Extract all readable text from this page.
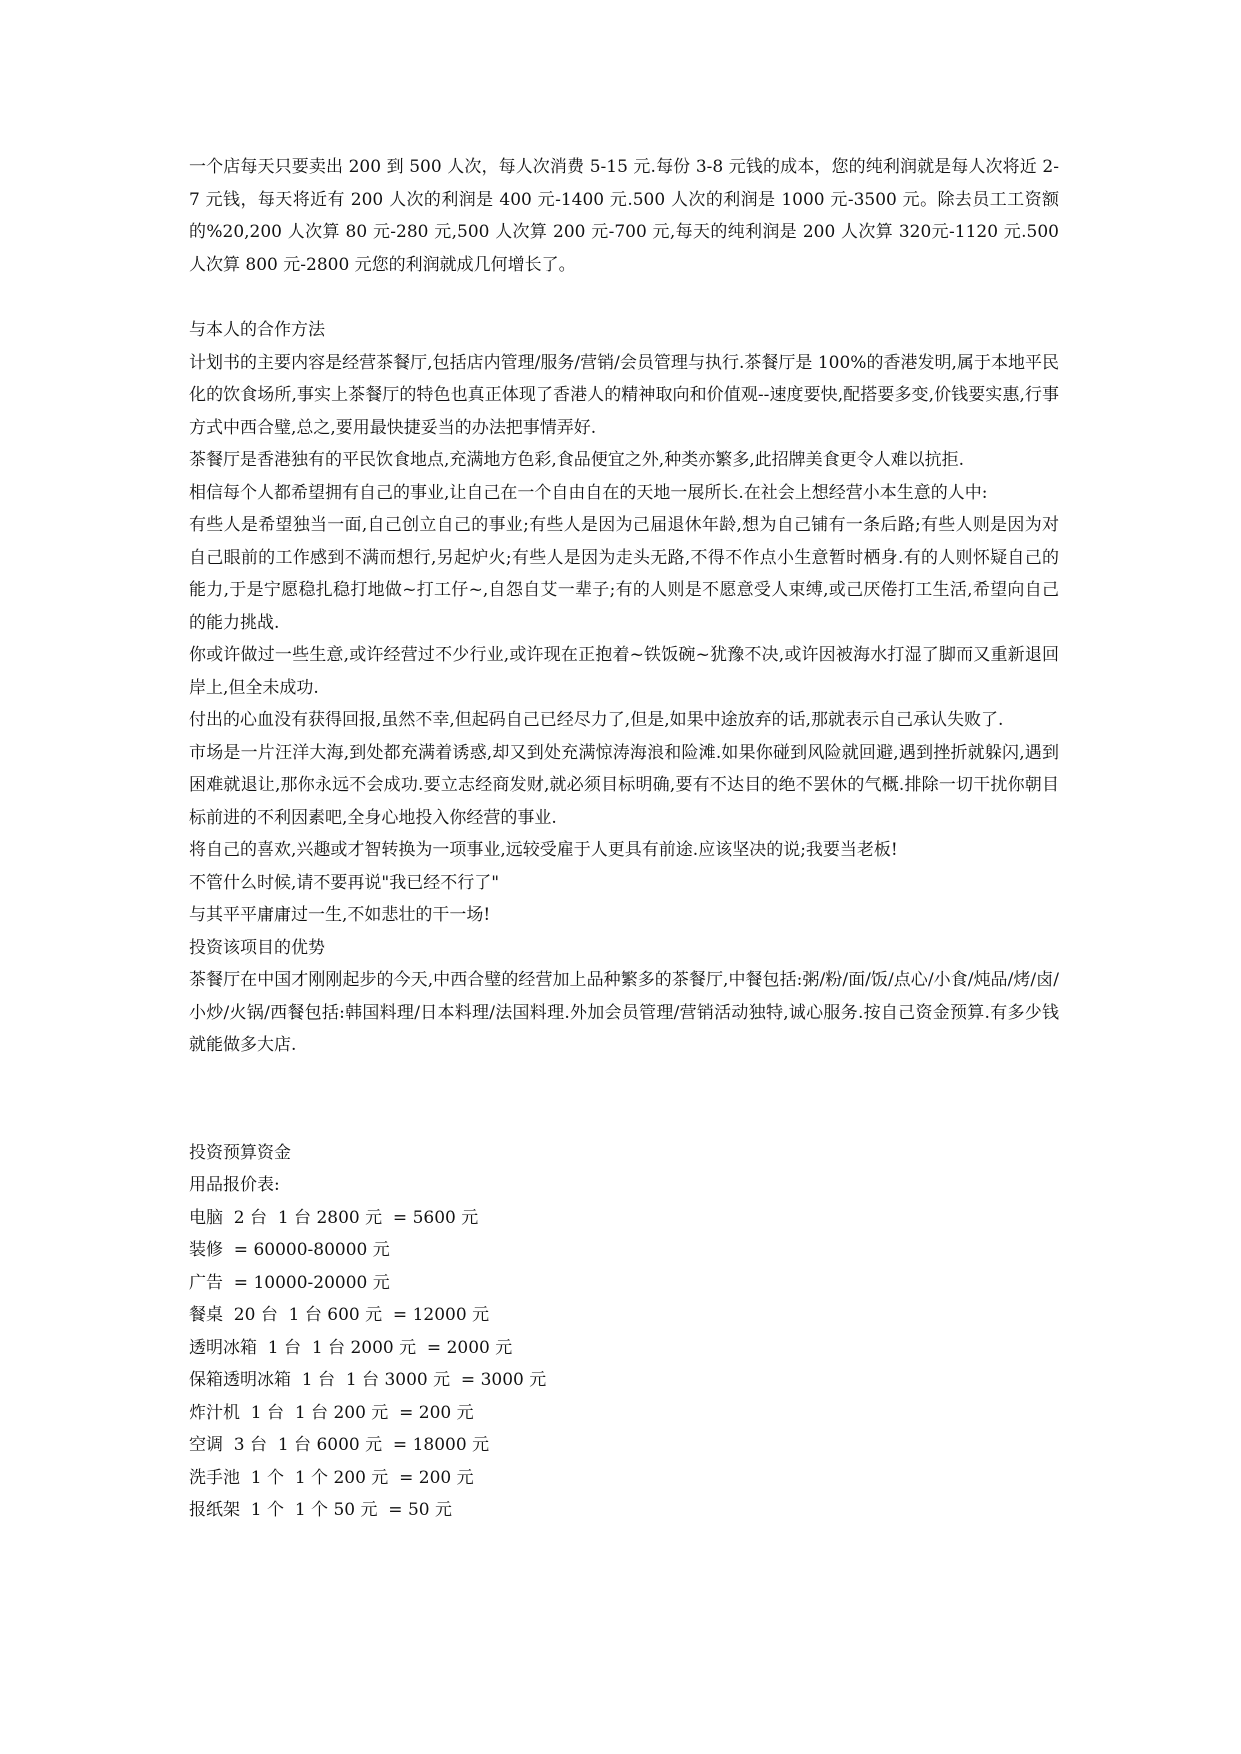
一个店每天只要卖出 200 到 500 人次，每人次消费 5-15 元.每份 3-8 元钱的成本，您的纯利润就是每人次将近 2-7 元钱，每天将近有 200 人次的利润是 400 元-1400 元.500 人次的利润是 1000 元-3500 元。除去员工工资额的%20,200 人次算 80 元-280 元,500 人次算 200 元-700 元,每天的纯利润是 200 人次算 320元-1120 元.500 人次算 800 元-2800 元您的利润就成几何增长了。

与本人的合作方法

计划书的主要内容是经营茶餐厅,包括店内管理/服务/营销/会员管理与执行.茶餐厅是 100%的香港发明,属于本地平民化的饮食场所,事实上茶餐厅的特色也真正体现了香港人的精神取向和价值观--速度要快,配搭要多变,价钱要实惠,行事方式中西合璧,总之,要用最快捷妥当的办法把事情弄好.

茶餐厅是香港独有的平民饮食地点,充满地方色彩,食品便宜之外,种类亦繁多,此招牌美食更令人难以抗拒.

相信每个人都希望拥有自己的事业,让自己在一个自由自在的天地一展所长.在社会上想经营小本生意的人中:

有些人是希望独当一面,自己创立自己的事业;有些人是因为己届退休年龄,想为自己铺有一条后路;有些人则是因为对自己眼前的工作感到不满而想行,另起炉火;有些人是因为走头无路,不得不作点小生意暂时栖身.有的人则怀疑自己的能力,于是宁愿稳扎稳打地做~打工仔~,自怨自艾一辈子;有的人则是不愿意受人束缚,或己厌倦打工生活,希望向自己的能力挑战.

你或许做过一些生意,或许经营过不少行业,或许现在正抱着~铁饭碗~犹豫不决,或许因被海水打湿了脚而又重新退回岸上,但全未成功.

付出的心血没有获得回报,虽然不幸,但起码自己已经尽力了,但是,如果中途放弃的话,那就表示自己承认失败了.

市场是一片汪洋大海,到处都充满着诱惑,却又到处充满惊涛海浪和险滩.如果你碰到风险就回避,遇到挫折就躲闪,遇到困难就退让,那你永远不会成功.要立志经商发财,就必须目标明确,要有不达目的绝不罢休的气概.排除一切干扰你朝目标前进的不利因素吧,全身心地投入你经营的事业.

将自己的喜欢,兴趣或才智转换为一项事业,远较受雇于人更具有前途.应该坚决的说;我要当老板!

不管什么时候,请不要再说"我已经不行了"

与其平平庸庸过一生,不如悲壮的干一场!

投资该项目的优势

茶餐厅在中国才刚刚起步的今天,中西合璧的经营加上品种繁多的茶餐厅,中餐包括:粥/粉/面/饭/点心/小食/炖品/烤/卤/小炒/火锅/西餐包括:韩国料理/日本料理/法国料理.外加会员管理/营销活动独特,诚心服务.按自己资金预算.有多少钱就能做多大店.

投资预算资金

用品报价表:

电脑  2 台  1 台 2800 元  = 5600 元

装修  = 60000-80000 元

广告  = 10000-20000 元

餐桌  20 台  1 台 600 元  = 12000 元

透明冰箱  1 台  1 台 2000 元  = 2000 元

保箱透明冰箱  1 台  1 台 3000 元  = 3000 元

炸汁机  1 台  1 台 200 元  = 200 元

空调  3 台  1 台 6000 元  = 18000 元

洗手池  1 个  1 个 200 元  = 200 元

报纸架  1 个  1 个 50 元  = 50 元
